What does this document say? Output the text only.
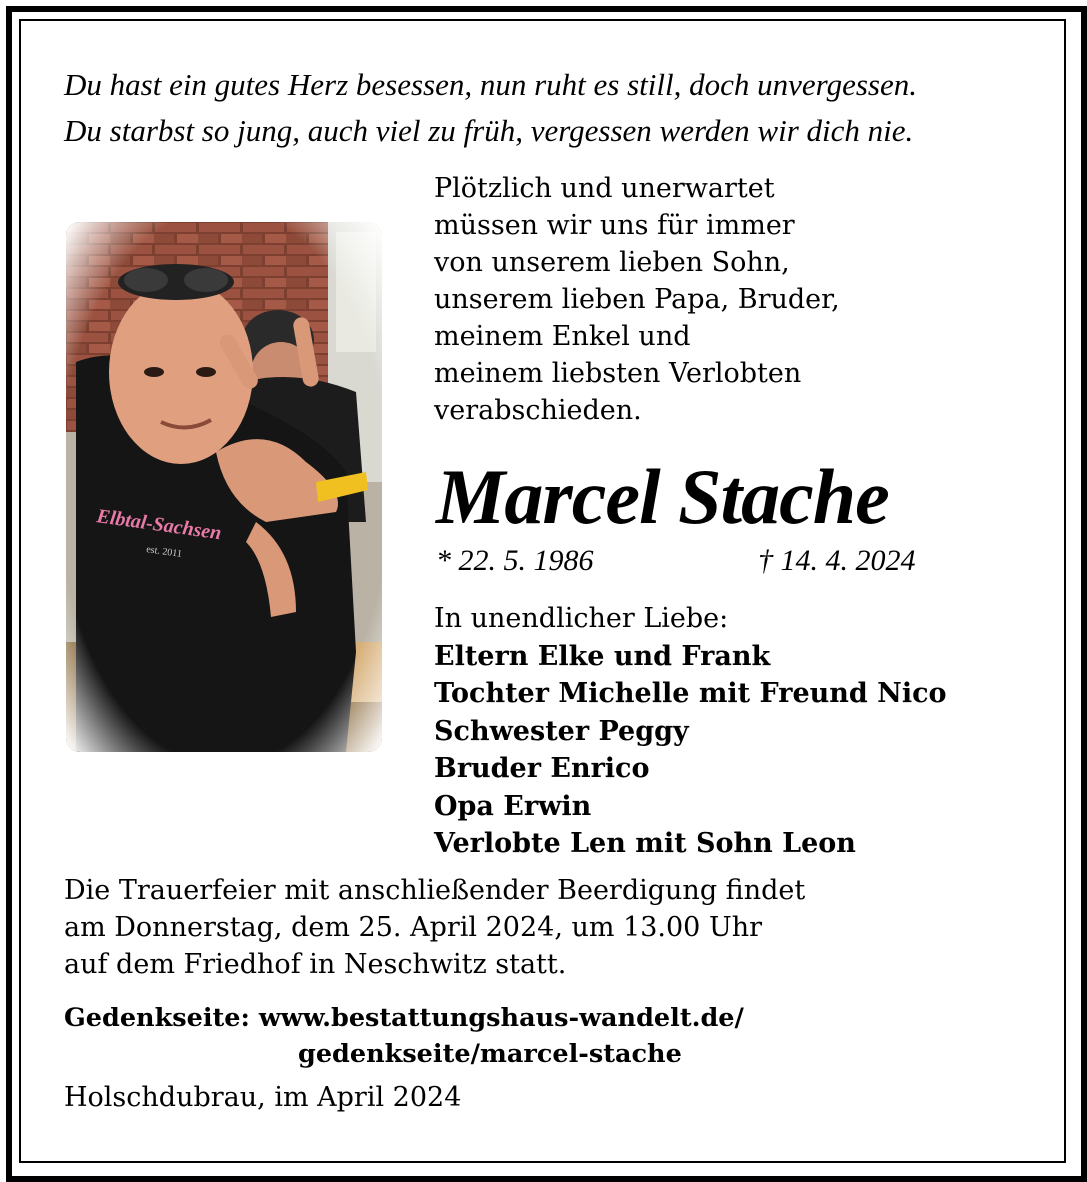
Du hast ein gutes Herz besessen, nun ruht es still, doch unvergessen.
Du starbst so jung, auch viel zu früh, vergessen werden wir dich nie.
Plötzlich und unerwartet
müssen wir uns für immer
von unserem lieben Sohn,
unserem lieben Papa, Bruder,
meinem Enkel und
meinem liebsten Verlobten
verabschieden.
Marcel Stache
* 22. 5. 1986	† 14. 4. 2024
In unendlicher Liebe:
Eltern Elke und Frank
Tochter Michelle mit Freund Nico
Schwester Peggy
Bruder Enrico
Opa Erwin
Verlobte Len mit Sohn Leon
Die Trauerfeier mit anschließender Beerdigung findet
am Donnerstag, dem 25. April 2024, um 13.00 Uhr
auf dem Friedhof in Neschwitz statt.
Gedenkseite: www.bestattungshaus-wandelt.de/
gedenkseite/marcel-stache
Holschdubrau, im April 2024
